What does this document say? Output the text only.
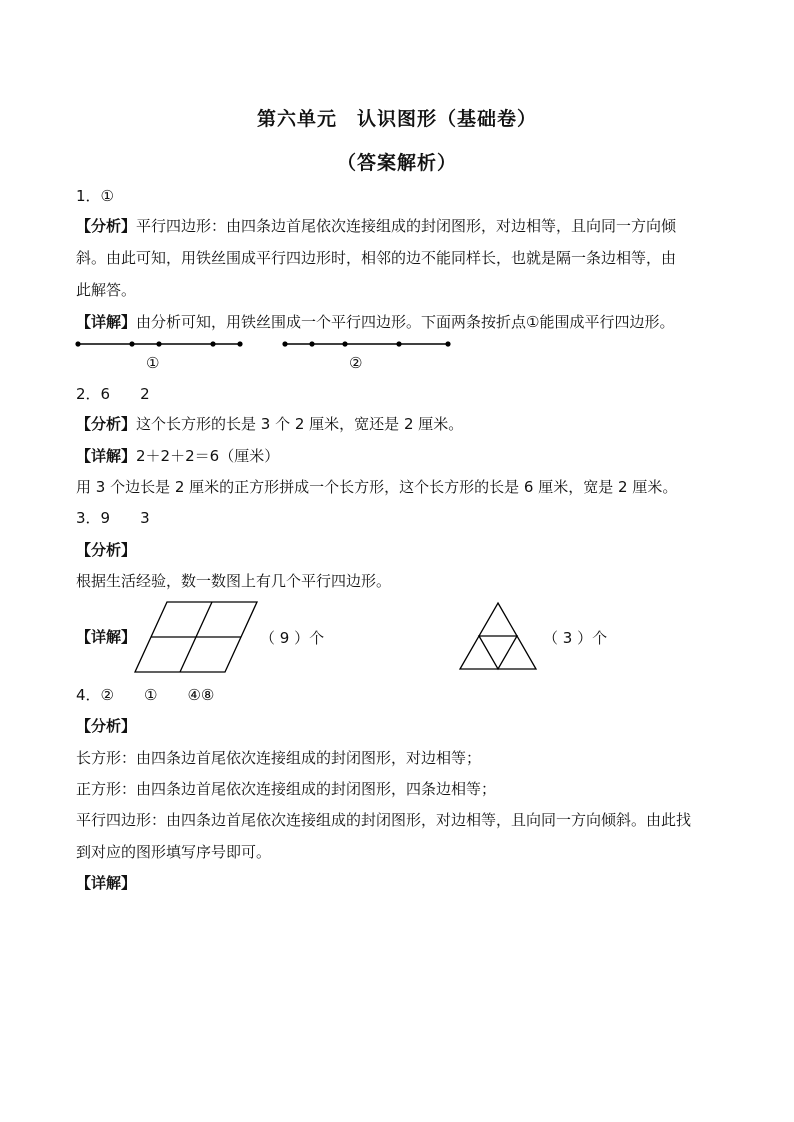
第六单元　认识图形（基础卷）
（答案解析）
1．①
【分析】平行四边形：由四条边首尾依次连接组成的封闭图形，对边相等，且向同一方向倾
斜。由此可知，用铁丝围成平行四边形时，相邻的边不能同样长，也就是隔一条边相等，由
此解答。
【详解】由分析可知，用铁丝围成一个平行四边形。下面两条按折点①能围成平行四边形。
①	②
2．6　　2
【分析】这个长方形的长是 3 个 2 厘米，宽还是 2 厘米。
【详解】2＋2＋2＝6（厘米）
用 3 个边长是 2 厘米的正方形拼成一个长方形，这个长方形的长是 6 厘米，宽是 2 厘米。
3．9　　3
【分析】
根据生活经验，数一数图上有几个平行四边形。
【详解】	（ 9 ）个	（ 3 ）个
4．②　　①　　④⑧
【分析】
长方形：由四条边首尾依次连接组成的封闭图形，对边相等；
正方形：由四条边首尾依次连接组成的封闭图形，四条边相等；
平行四边形：由四条边首尾依次连接组成的封闭图形，对边相等，且向同一方向倾斜。由此找
到对应的图形填写序号即可。
【详解】
